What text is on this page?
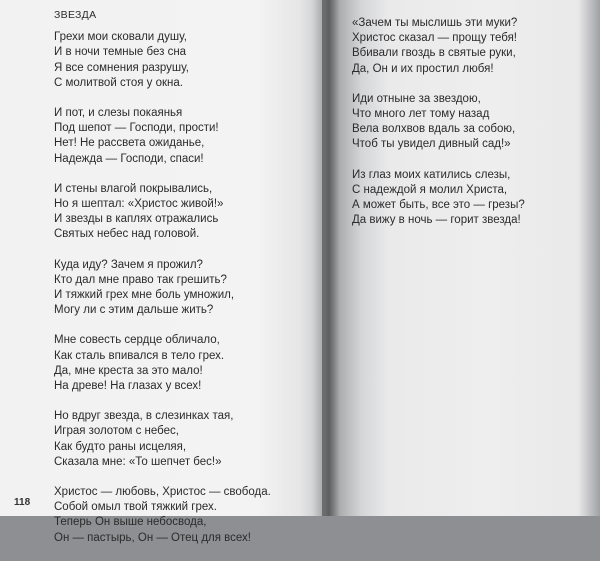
ЗВЕЗДА
Грехи мои сковали душу,
И в ночи темные без сна
Я все сомнения разрушу,
С молитвой стоя у окна.
И пот, и слезы покаянья
Под шепот — Господи, прости!
Нет! Не рассвета ожиданье,
Надежда — Господи, спаси!
И стены влагой покрывались,
Но я шептал: «Христос живой!»
И звезды в каплях отражались
Святых небес над головой.
Куда иду? Зачем я прожил?
Кто дал мне право так грешить?
И тяжкий грех мне боль умножил,
Могу ли с этим дальше жить?
Мне совесть сердце обличало,
Как сталь впивался в тело грех.
Да, мне креста за это мало!
На древе! На глазах у всех!
Но вдруг звезда, в слезинках тая,
Играя золотом с небес,
Как будто раны исцеляя,
Сказала мне: «То шепчет бес!»
Христос — любовь, Христос — свобода.
Собой омыл твой тяжкий грех.
Теперь Он выше небосвода,
Он — пастырь, Он — Отец для всех!
«Зачем ты мыслишь эти муки?
Христос сказал — прощу тебя!
Вбивали гвоздь в святые руки,
Да, Он и их простил любя!
Иди отныне за звездою,
Что много лет тому назад
Вела волхвов вдаль за собою,
Чтоб ты увидел дивный сад!»
Из глаз моих катились слезы,
С надеждой я молил Христа,
А может быть, все это — грезы?
Да вижу в ночь — горит звезда!
118
